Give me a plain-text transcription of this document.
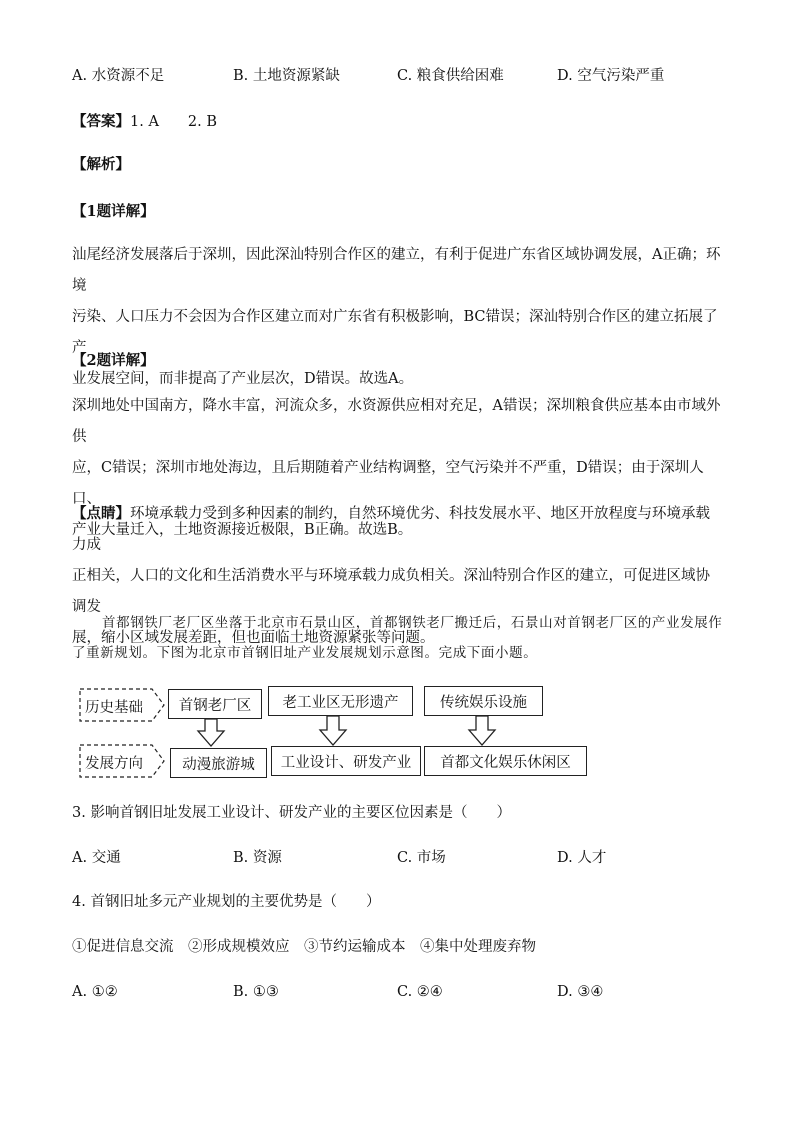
A. 水资源不足	B. 土地资源紧缺	C. 粮食供给困难	D. 空气污染严重
【答案】1. A　　2. B
【解析】
【1题详解】
汕尾经济发展落后于深圳，因此深汕特别合作区的建立，有利于促进广东省区域协调发展，A正确；环境
污染、人口压力不会因为合作区建立而对广东省有积极影响，BC错误；深汕特别合作区的建立拓展了产
业发展空间，而非提高了产业层次，D错误。故选A。
【2题详解】
深圳地处中国南方，降水丰富，河流众多，水资源供应相对充足，A错误；深圳粮食供应基本由市域外供
应，C错误；深圳市地处海边，且后期随着产业结构调整，空气污染并不严重，D错误；由于深圳人口、
产业大量迁入，土地资源接近极限，B正确。故选B。
【点睛】环境承载力受到多种因素的制约，自然环境优劣、科技发展水平、地区开放程度与环境承载力成
正相关，人口的文化和生活消费水平与环境承载力成负相关。深汕特别合作区的建立，可促进区域协调发
展，缩小区域发展差距，但也面临土地资源紧张等问题。
首都钢铁厂老厂区坐落于北京市石景山区，首都钢铁老厂搬迁后，石景山对首钢老厂区的产业发展作
了重新规划。下图为北京市首钢旧址产业发展规划示意图。完成下面小题。
历史基础
发展方向
首钢老厂区	老工业区无形遗产	传统娱乐设施
动漫旅游城	工业设计、研发产业	首都文化娱乐休闲区
3. 影响首钢旧址发展工业设计、研发产业的主要区位因素是（　　）
A. 交通	B. 资源	C. 市场	D. 人才
4. 首钢旧址多元产业规划的主要优势是（　　）
①促进信息交流　②形成规模效应　③节约运输成本　④集中处理废弃物
A. ①②	B. ①③	C. ②④	D. ③④
